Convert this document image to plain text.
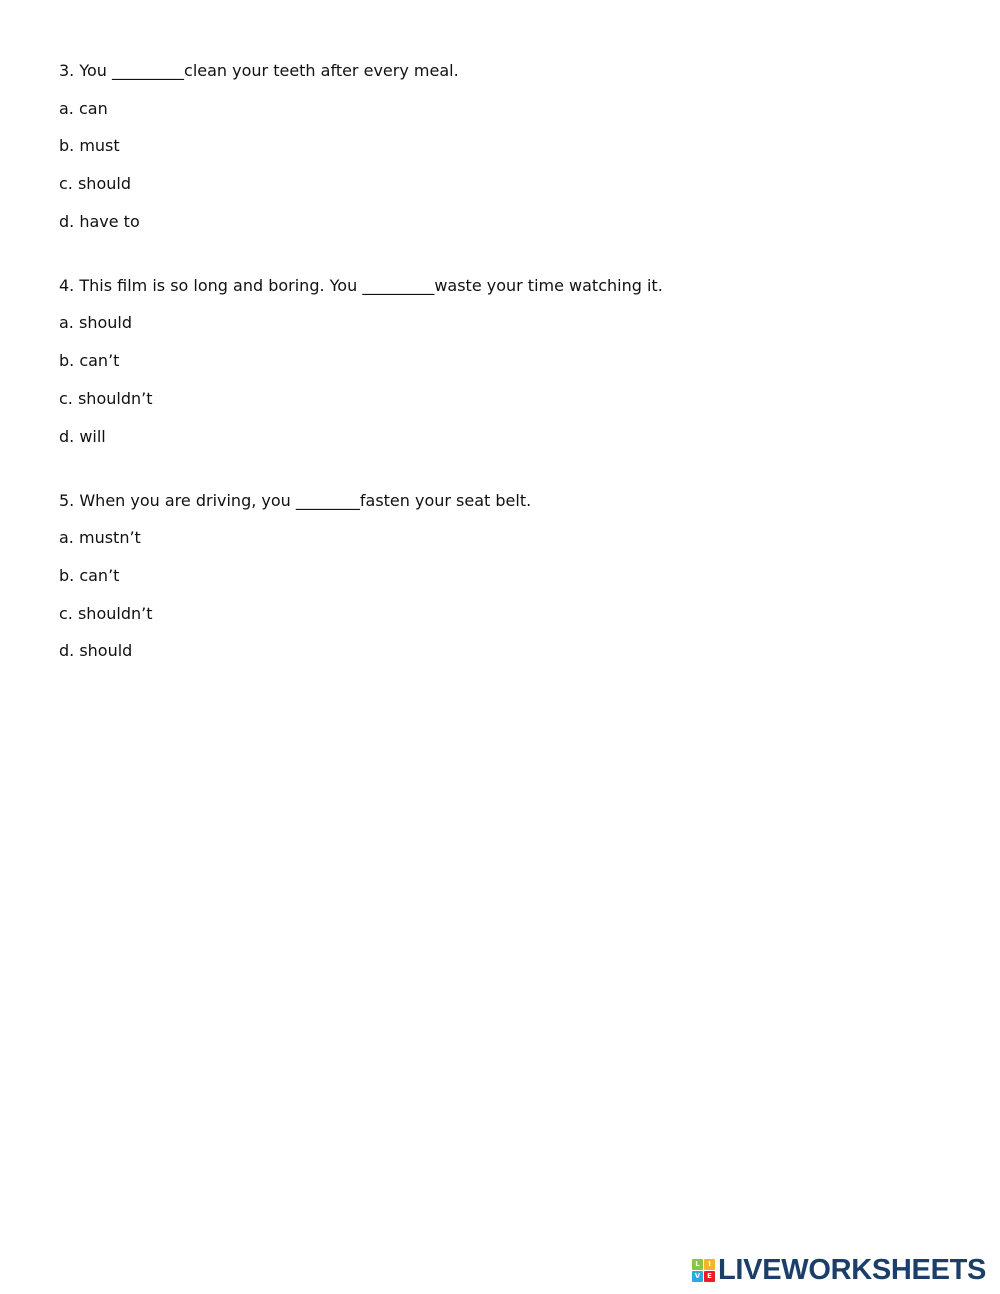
3. You _________clean your teeth after every meal.
a. can
b. must
c. should
d. have to
4. This film is so long and boring. You _________waste your time watching it.
a. should
b. can’t
c. shouldn’t
d. will
5. When you are driving, you ________fasten your seat belt.
a. mustn’t
b. can’t
c. shouldn’t
d. should
L	I
V E LIVEWORKSHEETS
